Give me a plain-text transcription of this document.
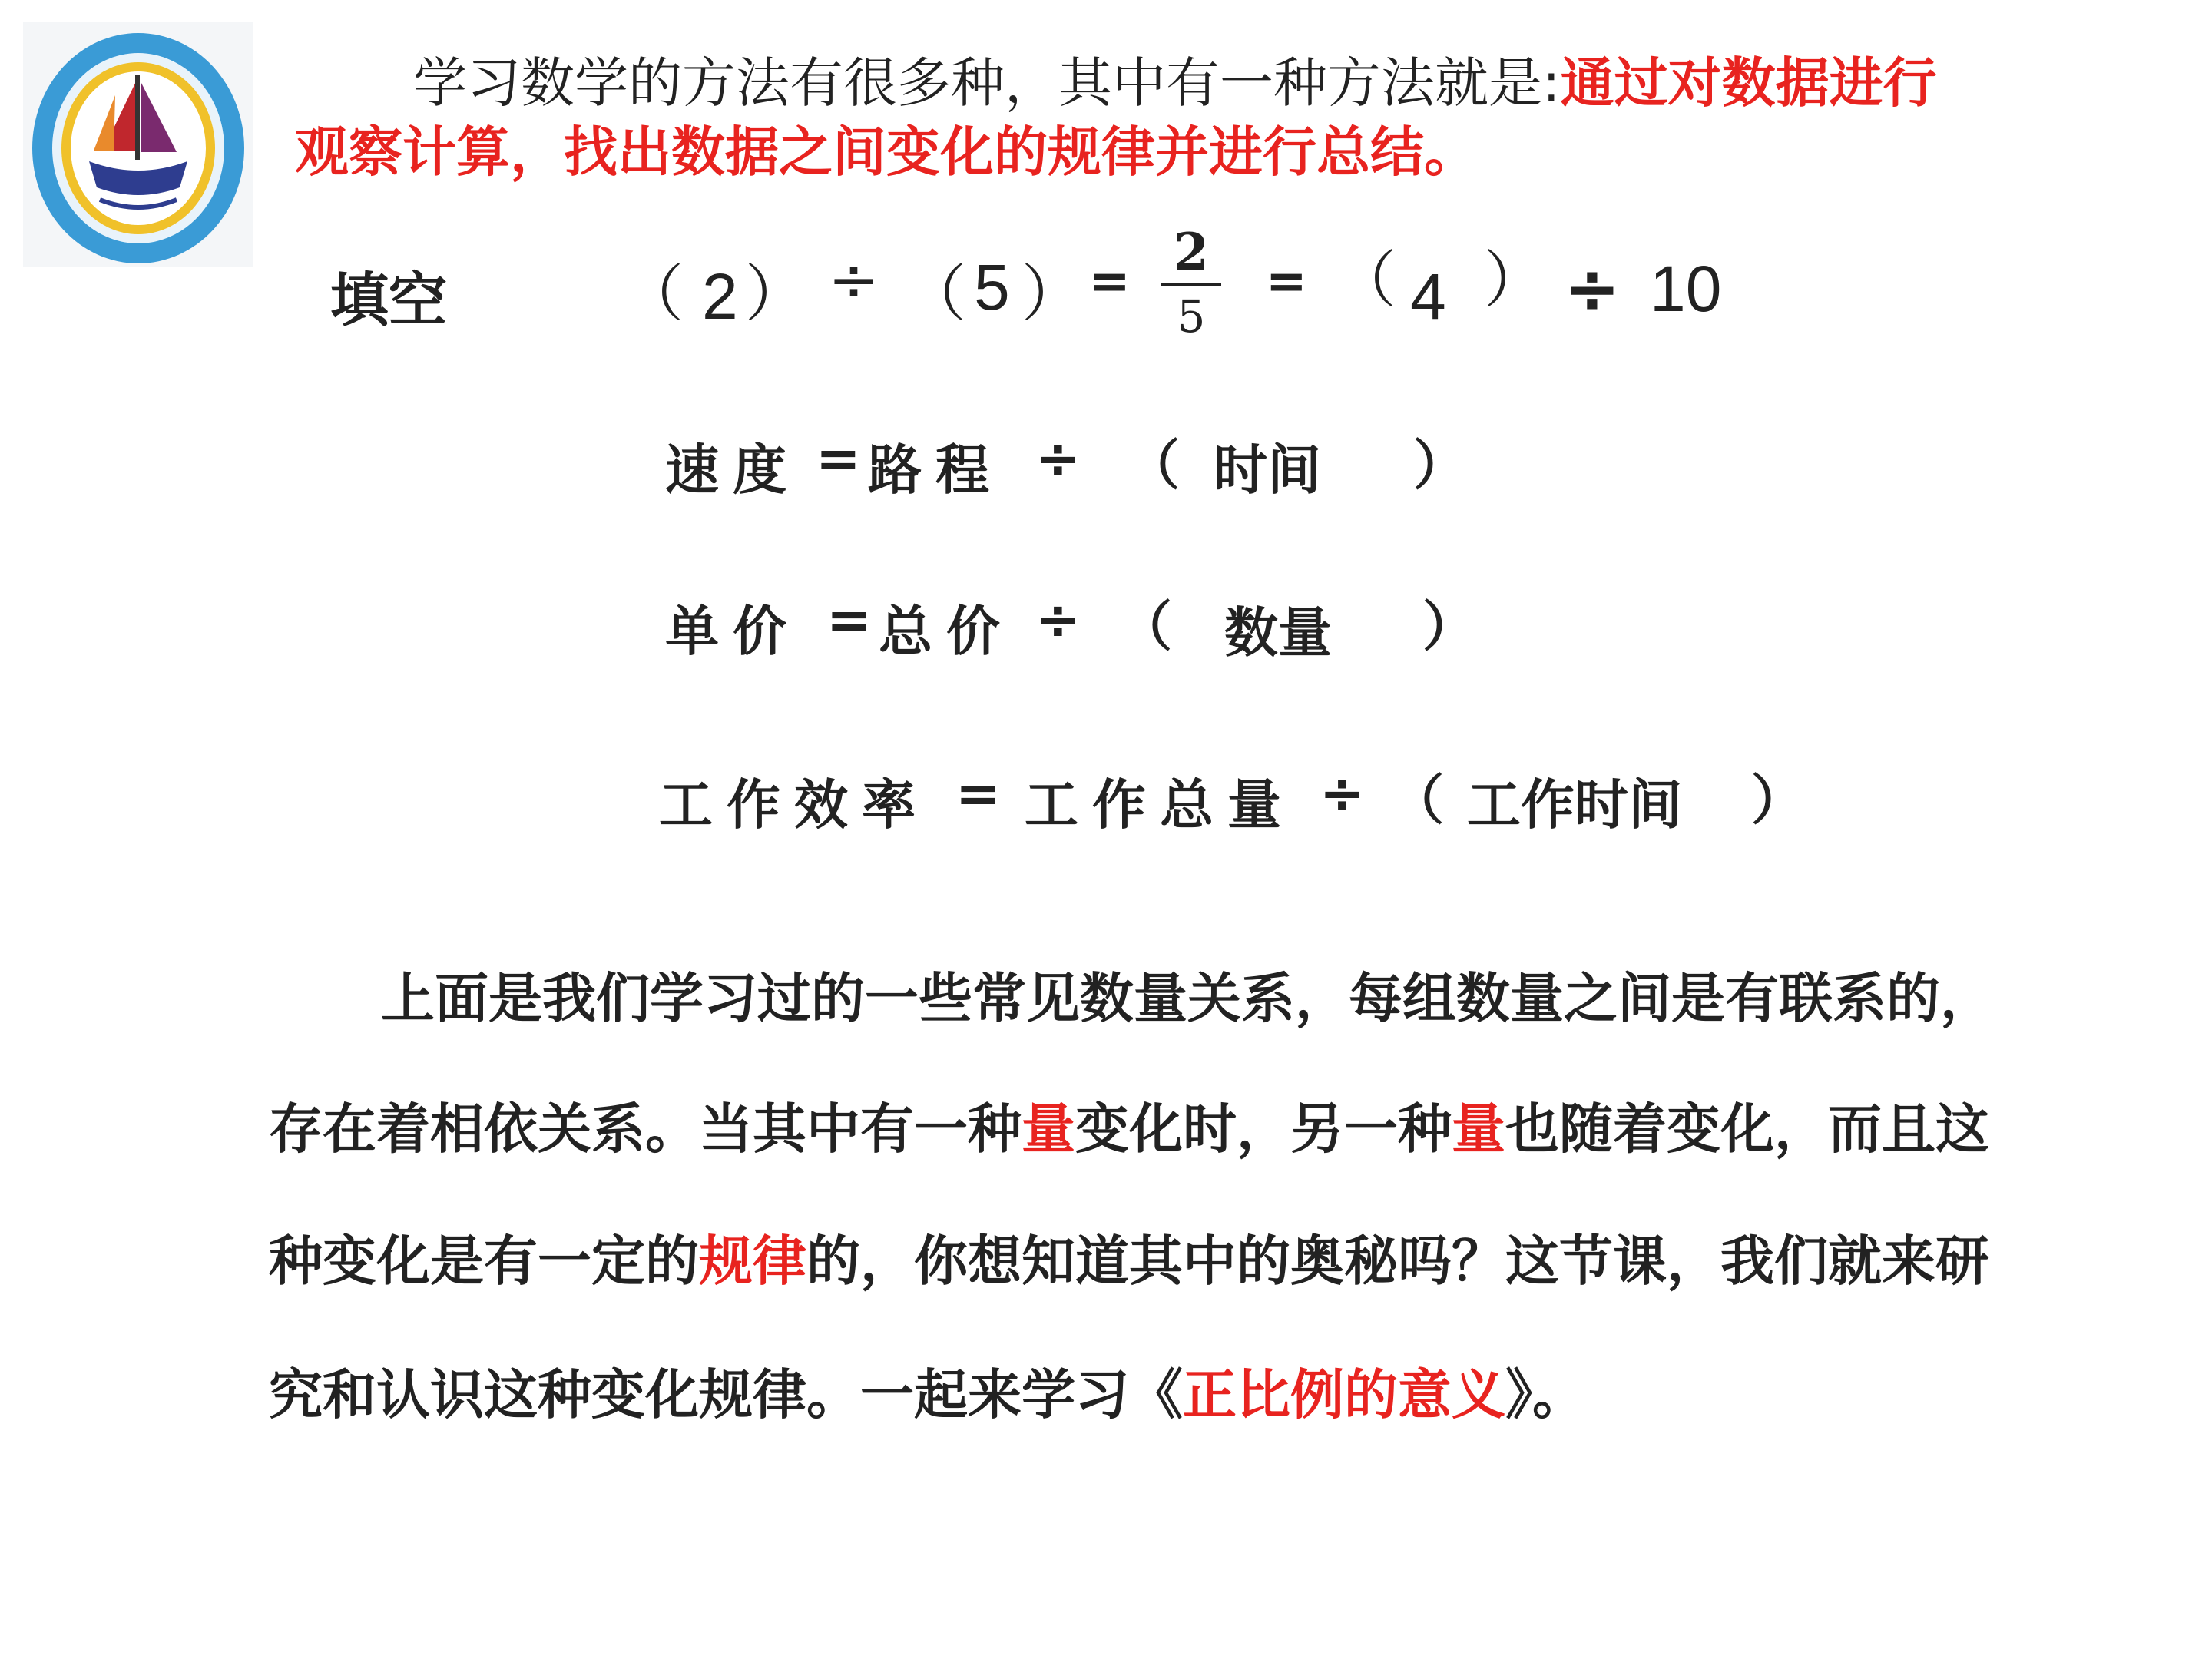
学习数学的方法有很多种，其中有一种方法就是:通过对数据进行
观察计算，找出数据之间变化的规律并进行总结。
填空	（ 2 ） ÷ （ 5 ） = 2
5
= （ 4 ） ÷ 10
速度 =
路程 ÷ （ 时间 ）
单价 =
总价 ÷ （ 数量 ）
工作效率 = 工作总量 ÷ （ 工作时间 ）
上面是我们学习过的一些常见数量关系，每组数量之间是有联系的，
存在着相依关系。当其中有一种量变化时，另一种量也随着变化，而且这
种变化是有一定的规律的，你想知道其中的奥秘吗？这节课，我们就来研
究和认识这种变化规律。一起来学习《正比例的意义》。
